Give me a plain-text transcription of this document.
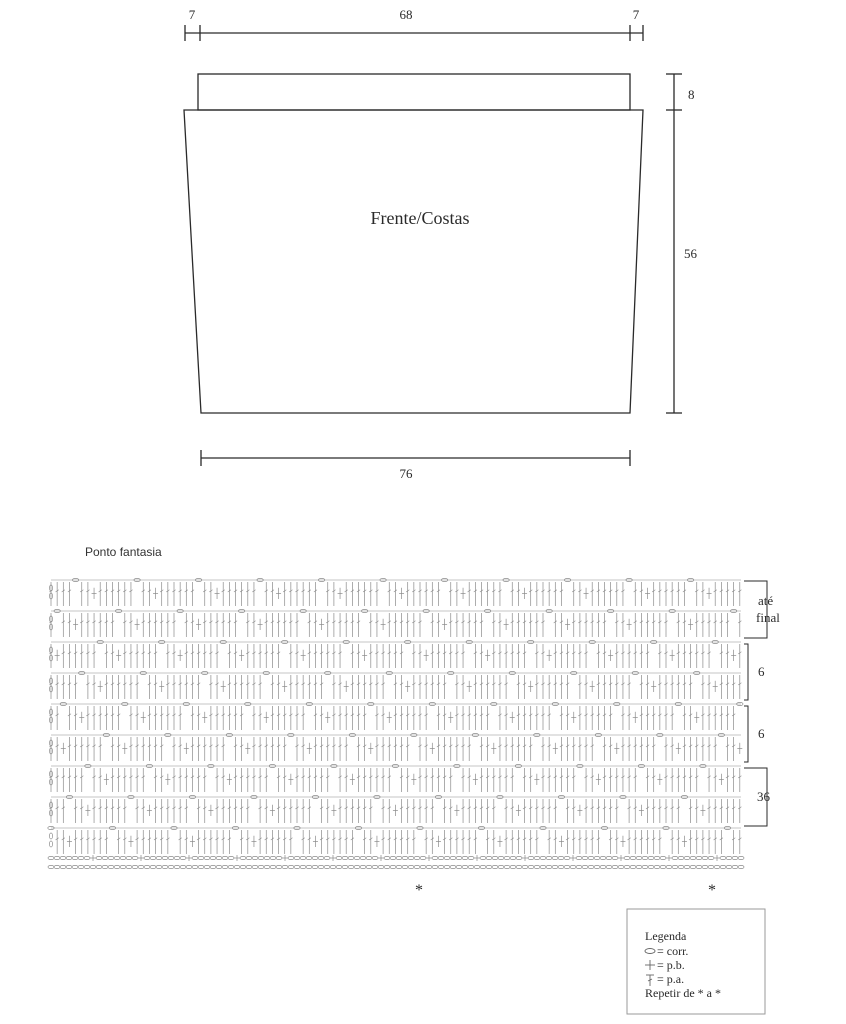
7	68	7
8
56
76
Frente/Costas
Ponto fantasia
até
final
6
6
36
*	*
Legenda
= corr.
= p.b.
= p.a.
Repetir de * a *
